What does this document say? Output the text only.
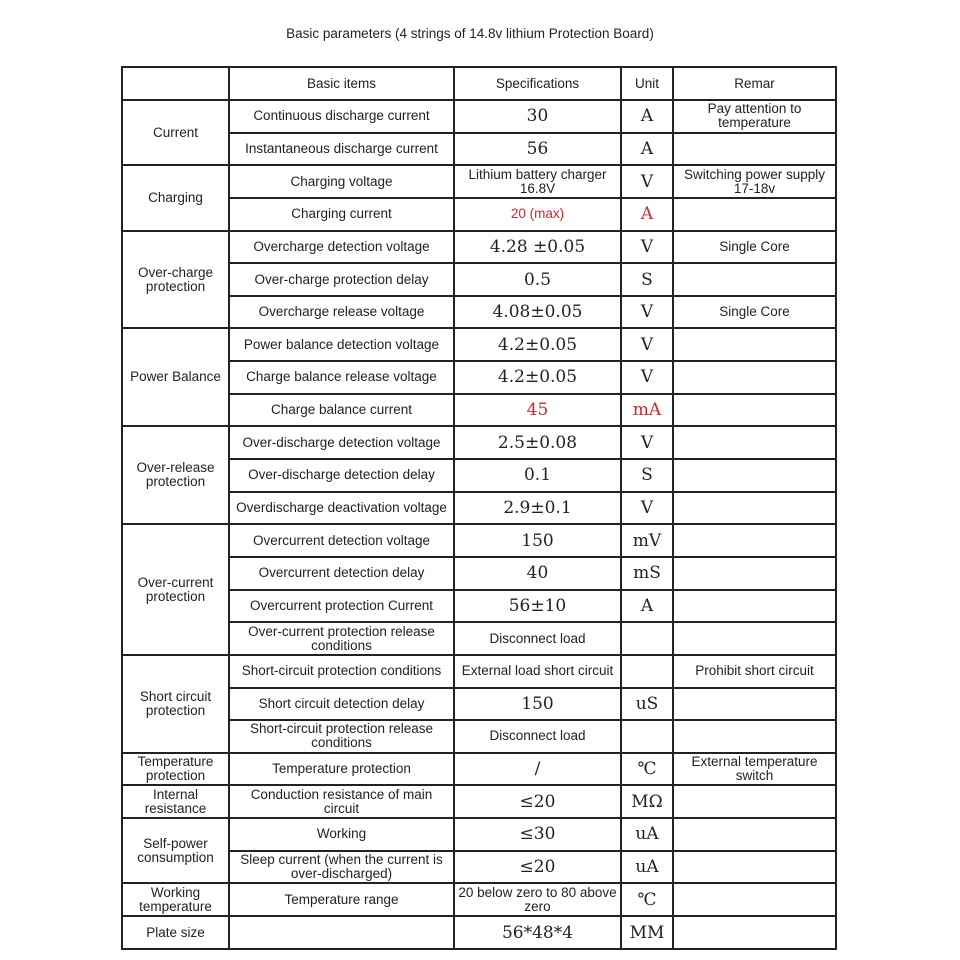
Basic parameters (4 strings of 14.8v lithium Protection Board)
	Basic items	Specifications	Unit	Remar
Current	Continuous discharge current	30	A	Pay attention to temperature
	Instantaneous discharge current	56	A	
Charging	Charging voltage	Lithium battery charger 16.8V	V	Switching power supply 17-18v
	Charging current	20 (max)	A	
Over-charge protection	Overcharge detection voltage	4.28 ±0.05	V	Single Core
	Over-charge protection delay	0.5	S	
	Overcharge release voltage	4.08±0.05	V	Single Core
Power Balance	Power balance detection voltage	4.2±0.05	V	
	Charge balance release voltage	4.2±0.05	V	
	Charge balance current	45	mA	
Over-release protection	Over-discharge detection voltage	2.5±0.08	V	
	Over-discharge detection delay	0.1	S	
	Overdischarge deactivation voltage	2.9±0.1	V	
Over-current protection	Overcurrent detection voltage	150	mV	
	Overcurrent detection delay	40	mS	
	Overcurrent protection Current	56±10	A	
	Over-current protection release conditions	Disconnect load		
Short circuit protection	Short-circuit protection conditions	External load short circuit		Prohibit short circuit
	Short circuit detection delay	150	uS	
	Short-circuit protection release conditions	Disconnect load		
Temperature protection	Temperature protection	/	℃	External temperature switch
Internal resistance	Conduction resistance of main circuit	≤20	MΩ	
Self-power consumption	Working	≤30	uA	
	Sleep current (when the current is over-discharged)	≤20	uA	
Working temperature	Temperature range	20 below zero to 80 above zero	℃	
Plate size		56*48*4	MM	
